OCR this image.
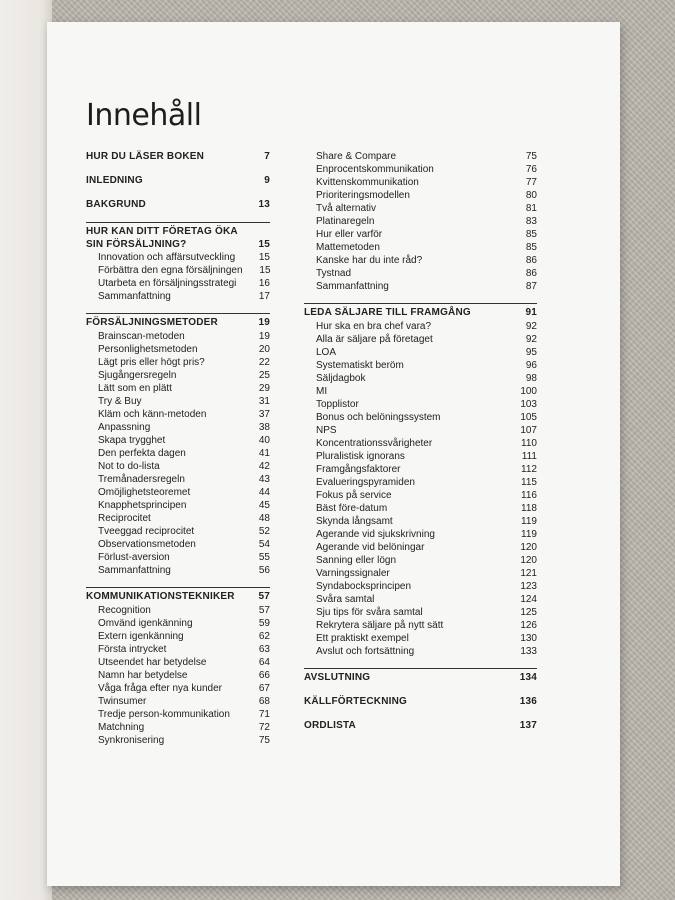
Innehåll
HUR DU LÄSER BOKEN	7
INLEDNING	9
BAKGRUND	13
HUR KAN DITT FÖRETAG ÖKA
SIN FÖRSÄLJNING?	15
Innovation och affärsutveckling	15
Förbättra den egna försäljningen	15
Utarbeta en försäljningsstrategi	16
Sammanfattning	17
FÖRSÄLJNINGSMETODER	19
Brainscan-metoden	19
Personlighetsmetoden	20
Lägt pris eller högt pris?	22
Sjugångersregeln	25
Lätt som en plätt	29
Try & Buy	31
Kläm och känn-metoden	37
Anpassning	38
Skapa trygghet	40
Den perfekta dagen	41
Not to do-lista	42
Tremånadersregeln	43
Omöjlighetsteoremet	44
Knapphetsprincipen	45
Reciprocitet	48
Tveeggad reciprocitet	52
Observationsmetoden	54
Förlust-aversion	55
Sammanfattning	56
KOMMUNIKATIONSTEKNIKER	57
Recognition	57
Omvänd igenkänning	59
Extern igenkänning	62
Första intrycket	63
Utseendet har betydelse	64
Namn har betydelse	66
Våga fråga efter nya kunder	67
Twinsumer	68
Tredje person-kommunikation	71
Matchning	72
Synkronisering	75
Share & Compare	75
Enprocentskommunikation	76
Kvittenskommunikation	77
Prioriteringsmodellen	80
Två alternativ	81
Platinaregeln	83
Hur eller varför	85
Mattemetoden	85
Kanske har du inte råd?	86
Tystnad	86
Sammanfattning	87
LEDA SÄLJARE TILL FRAMGÅNG	91
Hur ska en bra chef vara?	92
Alla är säljare på företaget	92
LOA	95
Systematiskt beröm	96
Säljdagbok	98
MI	100
Topplistor	103
Bonus och belöningssystem	105
NPS	107
Koncentrationssvårigheter	110
Pluralistisk ignorans	111
Framgångsfaktorer	112
Evalueringspyramiden	115
Fokus på service	116
Bäst före-datum	118
Skynda långsamt	119
Agerande vid sjukskrivning	119
Agerande vid belöningar	120
Sanning eller lögn	120
Varningssignaler	121
Syndabocksprincipen	123
Svåra samtal	124
Sju tips för svåra samtal	125
Rekrytera säljare på nytt sätt	126
Ett praktiskt exempel	130
Avslut och fortsättning	133
AVSLUTNING	134
KÄLLFÖRTECKNING	136
ORDLISTA	137
